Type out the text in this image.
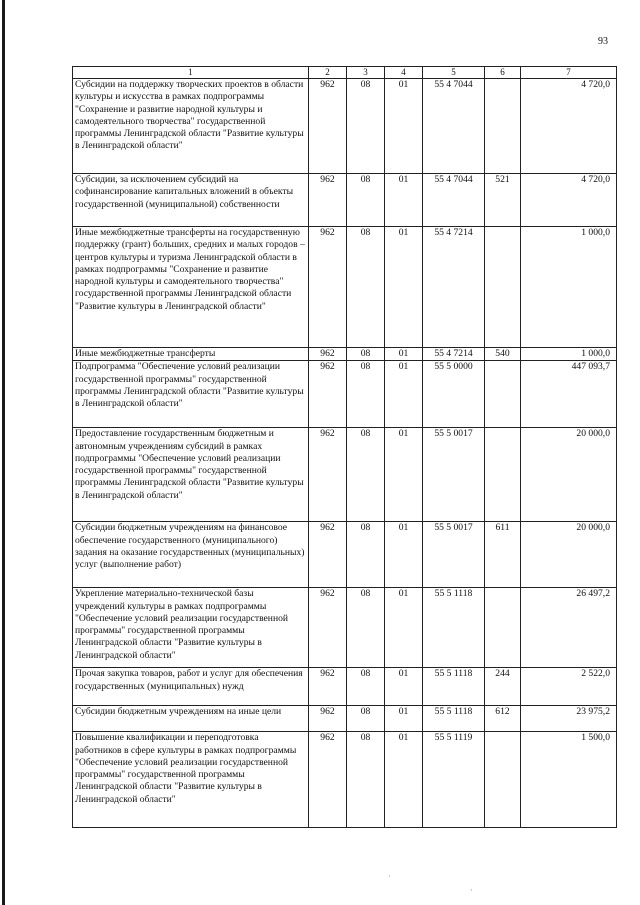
93
1	2	3	4	5	6	7
Субсидии на поддержку творческих проектов в области культуры и искусства в рамках подпрограммы "Сохранение и развитие народной культуры и самодеятельного творчества" государственной программы Ленинградской области "Развитие культуры в Ленинградской области"	962	08	01	55 4 7044		4 720,0
Субсидии, за исключением субсидий на софинансирование капитальных вложений в объекты государственной (муниципальной) собственности	962	08	01	55 4 7044	521	4 720,0
Иные межбюджетные трансферты на государственную поддержку (грант) больших, средних и малых городов – центров культуры и туризма Ленинградской области в рамках подпрограммы "Сохранение и развитие народной культуры и самодеятельного творчества" государственной программы Ленинградской области "Развитие культуры в Ленинградской области"	962	08	01	55 4 7214		1 000,0
Иные межбюджетные трансферты	962	08	01	55 4 7214	540	1 000,0
Подпрограмма "Обеспечение условий реализации государственной программы" государственной программы Ленинградской области "Развитие культуры в Ленинградской области"	962	08	01	55 5 0000		447 093,7
Предоставление государственным бюджетным и автономным учреждениям субсидий в рамках подпрограммы "Обеспечение условий реализации государственной программы" государственной программы Ленинградской области "Развитие культуры в Ленинградской области"	962	08	01	55 5 0017		20 000,0
Субсидии бюджетным учреждениям на финансовое обеспечение государственного (муниципального) задания на оказание государственных (муниципальных) услуг (выполнение работ)	962	08	01	55 5 0017	611	20 000,0
Укрепление материально-технической базы учреждений культуры в рамках подпрограммы "Обеспечение условий реализации государственной программы" государственной программы Ленинградской области "Развитие культуры в Ленинградской области"	962	08	01	55 5 1118		26 497,2
Прочая закупка товаров, работ и услуг для обеспечения государственных (муниципальных) нужд	962	08	01	55 5 1118	244	2 522,0
Субсидии бюджетным учреждениям на иные цели	962	08	01	55 5 1118	612	23 975,2
Повышение квалификации и переподготовка работников в сфере культуры в рамках подпрограммы "Обеспечение условий реализации государственной программы" государственной программы Ленинградской области "Развитие культуры в Ленинградской области"	962	08	01	55 5 1119		1 500,0
·
·
